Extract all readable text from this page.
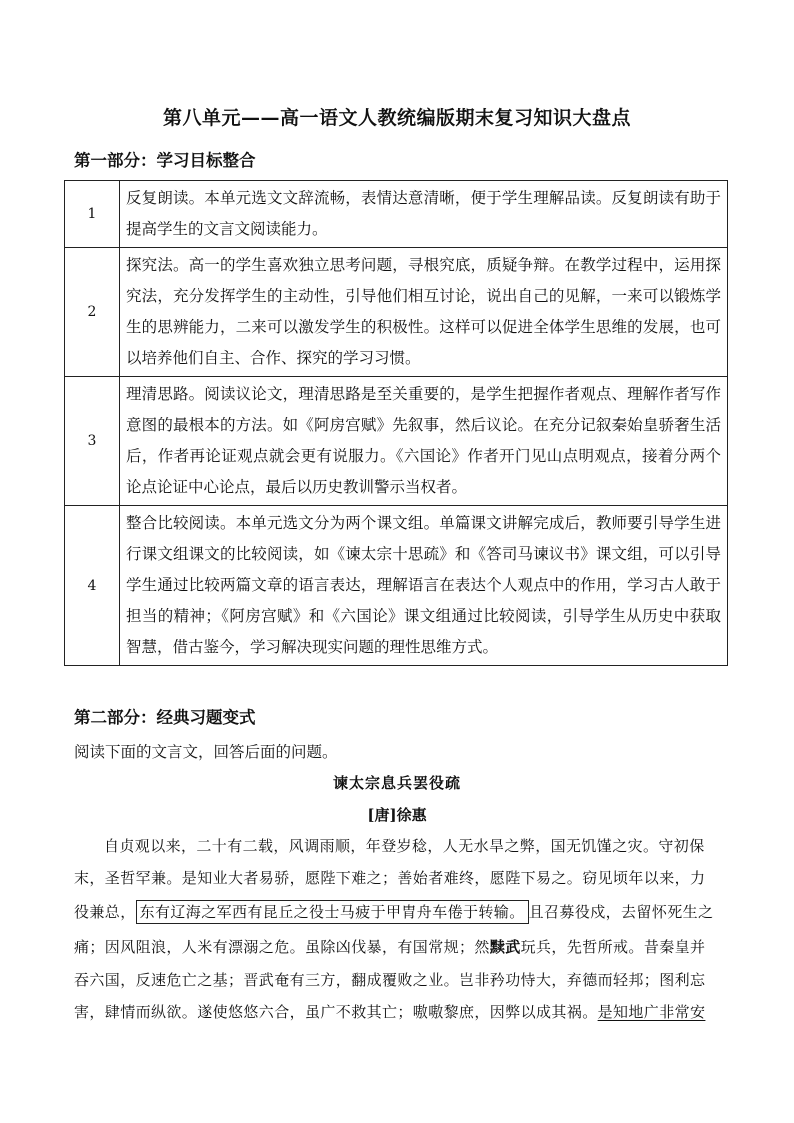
第八单元——高一语文人教统编版期末复习知识大盘点
第一部分：学习目标整合
1	反复朗读。本单元选文文辞流畅，表情达意清晰，便于学生理解品读。反复朗读有助于提高学生的文言文阅读能力。
2	探究法。高一的学生喜欢独立思考问题，寻根究底，质疑争辩。在教学过程中，运用探究法，充分发挥学生的主动性，引导他们相互讨论，说出自己的见解，一来可以锻炼学生的思辨能力，二来可以激发学生的积极性。这样可以促进全体学生思维的发展，也可以培养他们自主、合作、探究的学习习惯。
3	理清思路。阅读议论文，理清思路是至关重要的，是学生把握作者观点、理解作者写作意图的最根本的方法。如《阿房宫赋》先叙事，然后议论。在充分记叙秦始皇骄奢生活后，作者再论证观点就会更有说服力。《六国论》作者开门见山点明观点，接着分两个论点论证中心论点，最后以历史教训警示当权者。
4	整合比较阅读。本单元选文分为两个课文组。单篇课文讲解完成后，教师要引导学生进行课文组课文的比较阅读，如《谏太宗十思疏》和《答司马谏议书》课文组，可以引导学生通过比较两篇文章的语言表达，理解语言在表达个人观点中的作用，学习古人敢于担当的精神；《阿房宫赋》和《六国论》课文组通过比较阅读，引导学生从历史中获取智慧，借古鉴今，学习解决现实问题的理性思维方式。
第二部分：经典习题变式
阅读下面的文言文，回答后面的问题。
谏太宗息兵罢役疏
[唐]徐惠
自贞观以来，二十有二载，风调雨顺，年登岁稔，人无水旱之弊，国无饥馑之灾。守初保
末，圣哲罕兼。是知业大者易骄，愿陛下难之；善始者难终，愿陛下易之。窃见顷年以来，力
役兼总， 东有辽海之军西有昆丘之役士马疲于甲胄舟车倦于转输。 且召募役戍，去留怀死生之
痛；因风阻浪，人米有漂溺之危。虽除凶伐暴，有国常规；然黩武玩兵，先哲所戒。昔秦皇并
吞六国，反速危亡之基；晋武奄有三方，翻成覆败之业。岂非矜功恃大，弃德而轻邦；图利忘
害，肆情而纵欲。遂使悠悠六合，虽广不救其亡；嗷嗷黎庶，因弊以成其祸。是知地广非常安
